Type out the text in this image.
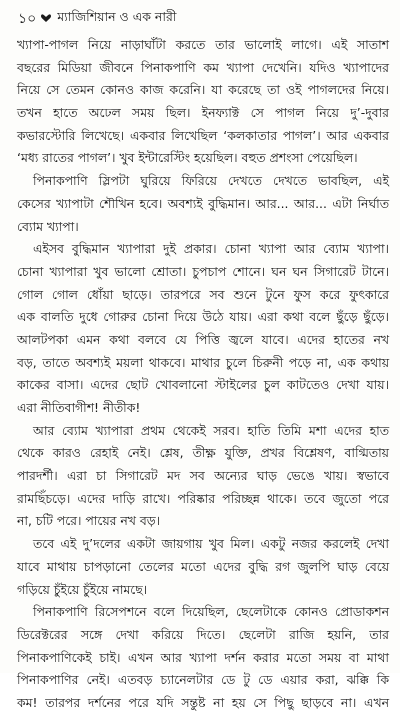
১০ ম্যাজিশিয়ান ও এক নারী
খ্যাপা-পাগল নিয়ে নাড়াঘাঁটা করতে তার ভালোই লাগে। এই সাতাশ
বছরের মিডিয়া জীবনে পিনাকপাণি কম খ্যাপা দেখেনি। যদিও খ্যাপাদের
নিয়ে সে তেমন কোনও কাজ করেনি। যা করেছে তা ওই পাগলদের নিয়ে।
তখন হাতে অঢেল সময় ছিল। ইনফ্যাক্ট সে পাগল নিয়ে দু’-দুবার
কভারস্টোরি লিখেছে। একবার লিখেছিল ‘কলকাতার পাগল’। আর একবার
‘মধ্য রাতের পাগল’। খুব ইন্টারেস্টিং হয়েছিল। বহুত প্রশংসা পেয়েছিল।
পিনাকপাণি স্লিপটা ঘুরিয়ে ফিরিয়ে দেখতে দেখতে ভাবছিল, এই
কেসের খ্যাপাটা শৌখিন হবে। অবশ্যই বুদ্ধিমান। আর... আর... এটা নির্ঘাত
ব্যোম খ্যাপা।
এইসব বুদ্ধিমান খ্যাপারা দুই প্রকার। চোনা খ্যাপা আর ব্যোম খ্যাপা।
চোনা খ্যাপারা খুব ভালো শ্রোতা। চুপচাপ শোনে। ঘন ঘন সিগারেট টানে।
গোল গোল ধোঁয়া ছাড়ে। তারপরে সব শুনে টুনে ফুস করে ফুৎকারে
এক বালতি দুধে গোরুর চোনা দিয়ে উঠে যায়। এরা কথা বলে ছুঁড়ে ছুঁড়ে।
আলটপকা এমন কথা বলবে যে পিত্তি জ্বলে যাবে। এদের হাতের নখ
বড়, তাতে অবশ্যই ময়লা থাকবে। মাথার চুলে চিরুনী পড়ে না, এক কথায়
কাকের বাসা। এদের ছোট খোবলানো স্টাইলের চুল কাটতেও দেখা যায়।
এরা নীতিবাগীশ! নীতীক!
আর ব্যোম খ্যাপারা প্রথম থেকেই সরব। হাতি তিমি মশা এদের হাত
থেকে কারও রেহাই নেই। শ্লেষ, তীক্ষ্ণ যুক্তি, প্রখর বিশ্লেষণ, বাগ্মিতায়
পারদর্শী। এরা চা সিগারেট মদ সব অন্যের ঘাড় ভেঙে খায়। স্বভাবে
রামছিঁচড়ে। এদের দাড়ি রাখে। পরিষ্কার পরিচ্ছন্ন থাকে। তবে জুতো পরে
না, চটি পরে। পায়ের নখ বড়।
তবে এই দু’দলের একটা জায়গায় খুব মিল। একটু নজর করলেই দেখা
যাবে মাথায় চাপড়ানো তেলের মতো এদের বুদ্ধি রগ জুলপি ঘাড় বেয়ে
গড়িয়ে চুঁইয়ে চুঁইয়ে নামছে।
পিনাকপাণি রিসেপশনে বলে দিয়েছিল, ছেলেটাকে কোনও প্রোডাকশন
ডিরেক্টরের সঙ্গে দেখা করিয়ে দিতে। ছেলেটা রাজি হয়নি, তার
পিনাকপাণিকেই চাই। এখন আর খ্যাপা দর্শন করার মতো সময় বা মাথা
পিনাকপাণির নেই। এতবড় চ্যানেলটার ডে টু ডে এয়ার করা, ঝক্কি কি
কম! তারপর দর্শনের পরে যদি সন্তুষ্ট না হয় সে পিছু ছাড়বে না। এখন
